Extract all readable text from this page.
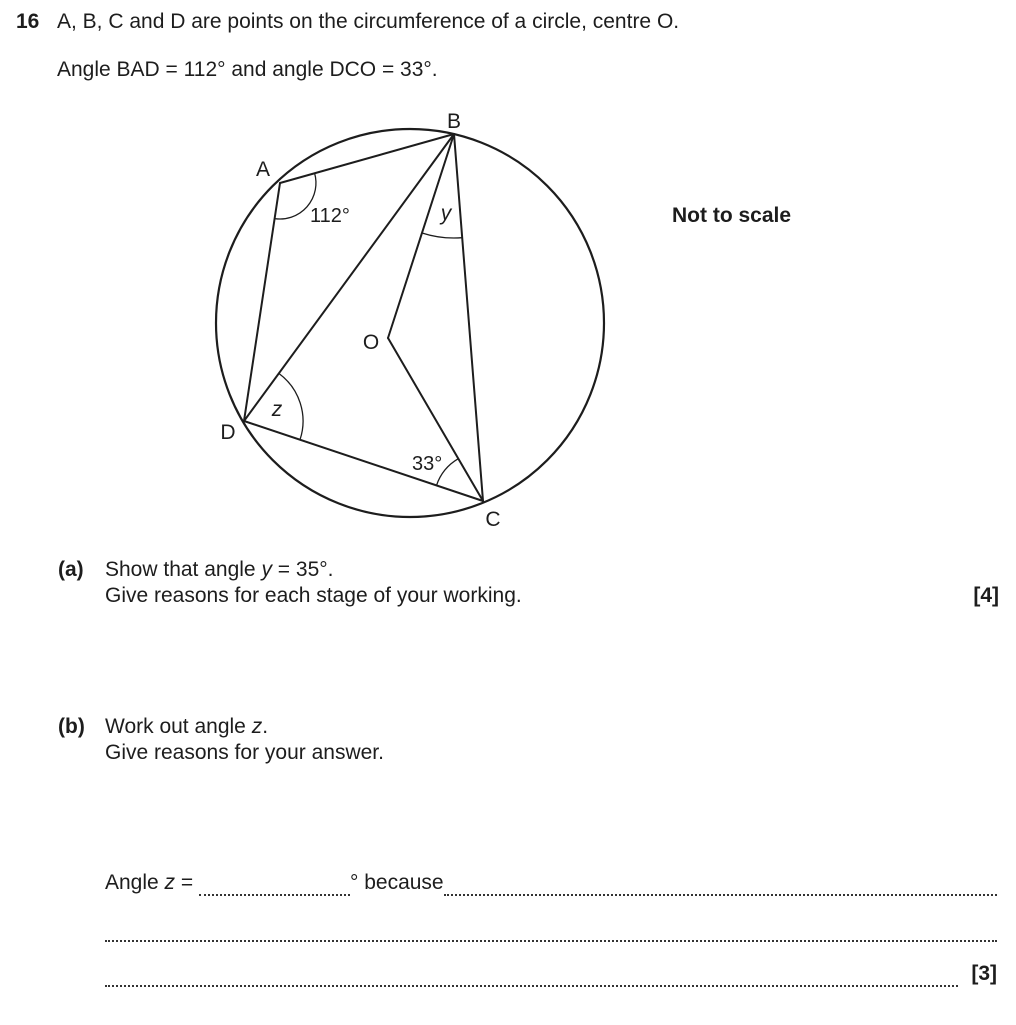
16 A, B, C and D are points on the circumference of a circle, centre O.
Angle BAD = 112° and angle DCO = 33°.
Not to scale
A
B
C
D
O
112°	y
z
33°
(a) Show that angle y = 35°.
Give reasons for each stage of your working.	[4]
(b) Work out angle z.
Give reasons for your answer.
Angle z =	° because
[3]
